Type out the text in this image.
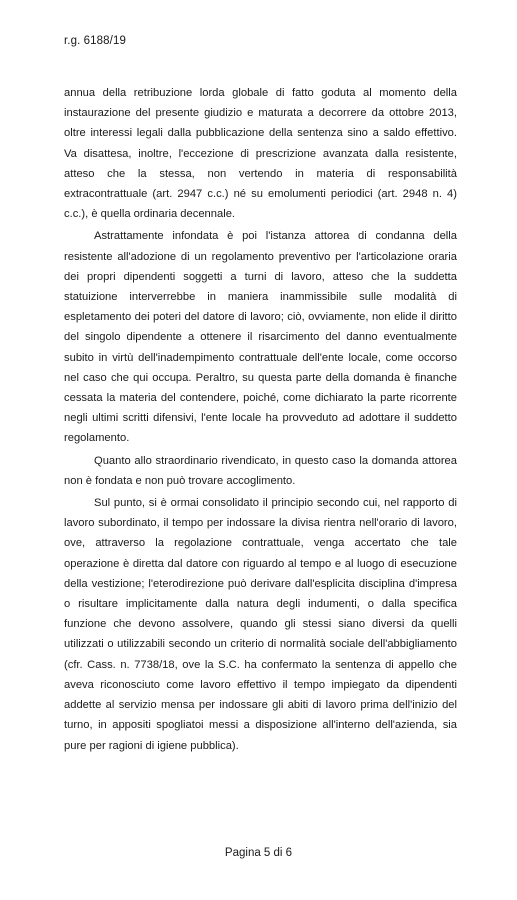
r.g. 6188/19

annua della retribuzione lorda globale di fatto goduta al momento della instaurazione del presente giudizio e maturata a decorrere da ottobre 2013, oltre interessi legali dalla pubblicazione della sentenza sino a saldo effettivo. Va disattesa, inoltre, l'eccezione di prescrizione avanzata dalla resistente, atteso che la stessa, non vertendo in materia di responsabilità extracontrattuale (art. 2947 c.c.) né su emolumenti periodici (art. 2948 n. 4) c.c.), è quella ordinaria decennale.

Astrattamente infondata è poi l'istanza attorea di condanna della resistente all'adozione di un regolamento preventivo per l'articolazione oraria dei propri dipendenti soggetti a turni di lavoro, atteso che la suddetta statuizione interverrebbe in maniera inammissibile sulle modalità di espletamento dei poteri del datore di lavoro; ciò, ovviamente, non elide il diritto del singolo dipendente a ottenere il risarcimento del danno eventualmente subito in virtù dell'inadempimento contrattuale dell'ente locale, come occorso nel caso che qui occupa. Peraltro, su questa parte della domanda è finanche cessata la materia del contendere, poiché, come dichiarato la parte ricorrente negli ultimi scritti difensivi, l'ente locale ha provveduto ad adottare il suddetto regolamento.

Quanto allo straordinario rivendicato, in questo caso la domanda attorea non è fondata e non può trovare accoglimento.

Sul punto, si è ormai consolidato il principio secondo cui, nel rapporto di lavoro subordinato, il tempo per indossare la divisa rientra nell'orario di lavoro, ove, attraverso la regolazione contrattuale, venga accertato che tale operazione è diretta dal datore con riguardo al tempo e al luogo di esecuzione della vestizione; l'eterodirezione può derivare dall'esplicita disciplina d'impresa o risultare implicitamente dalla natura degli indumenti, o dalla specifica funzione che devono assolvere, quando gli stessi siano diversi da quelli utilizzati o utilizzabili secondo un criterio di normalità sociale dell'abbigliamento (cfr. Cass. n. 7738/18, ove la S.C. ha confermato la sentenza di appello che aveva riconosciuto come lavoro effettivo il tempo impiegato da dipendenti addette al servizio mensa per indossare gli abiti di lavoro prima dell'inizio del turno, in appositi spogliatoi messi a disposizione all'interno dell'azienda, sia pure per ragioni di igiene pubblica).

Pagina 5 di 6
